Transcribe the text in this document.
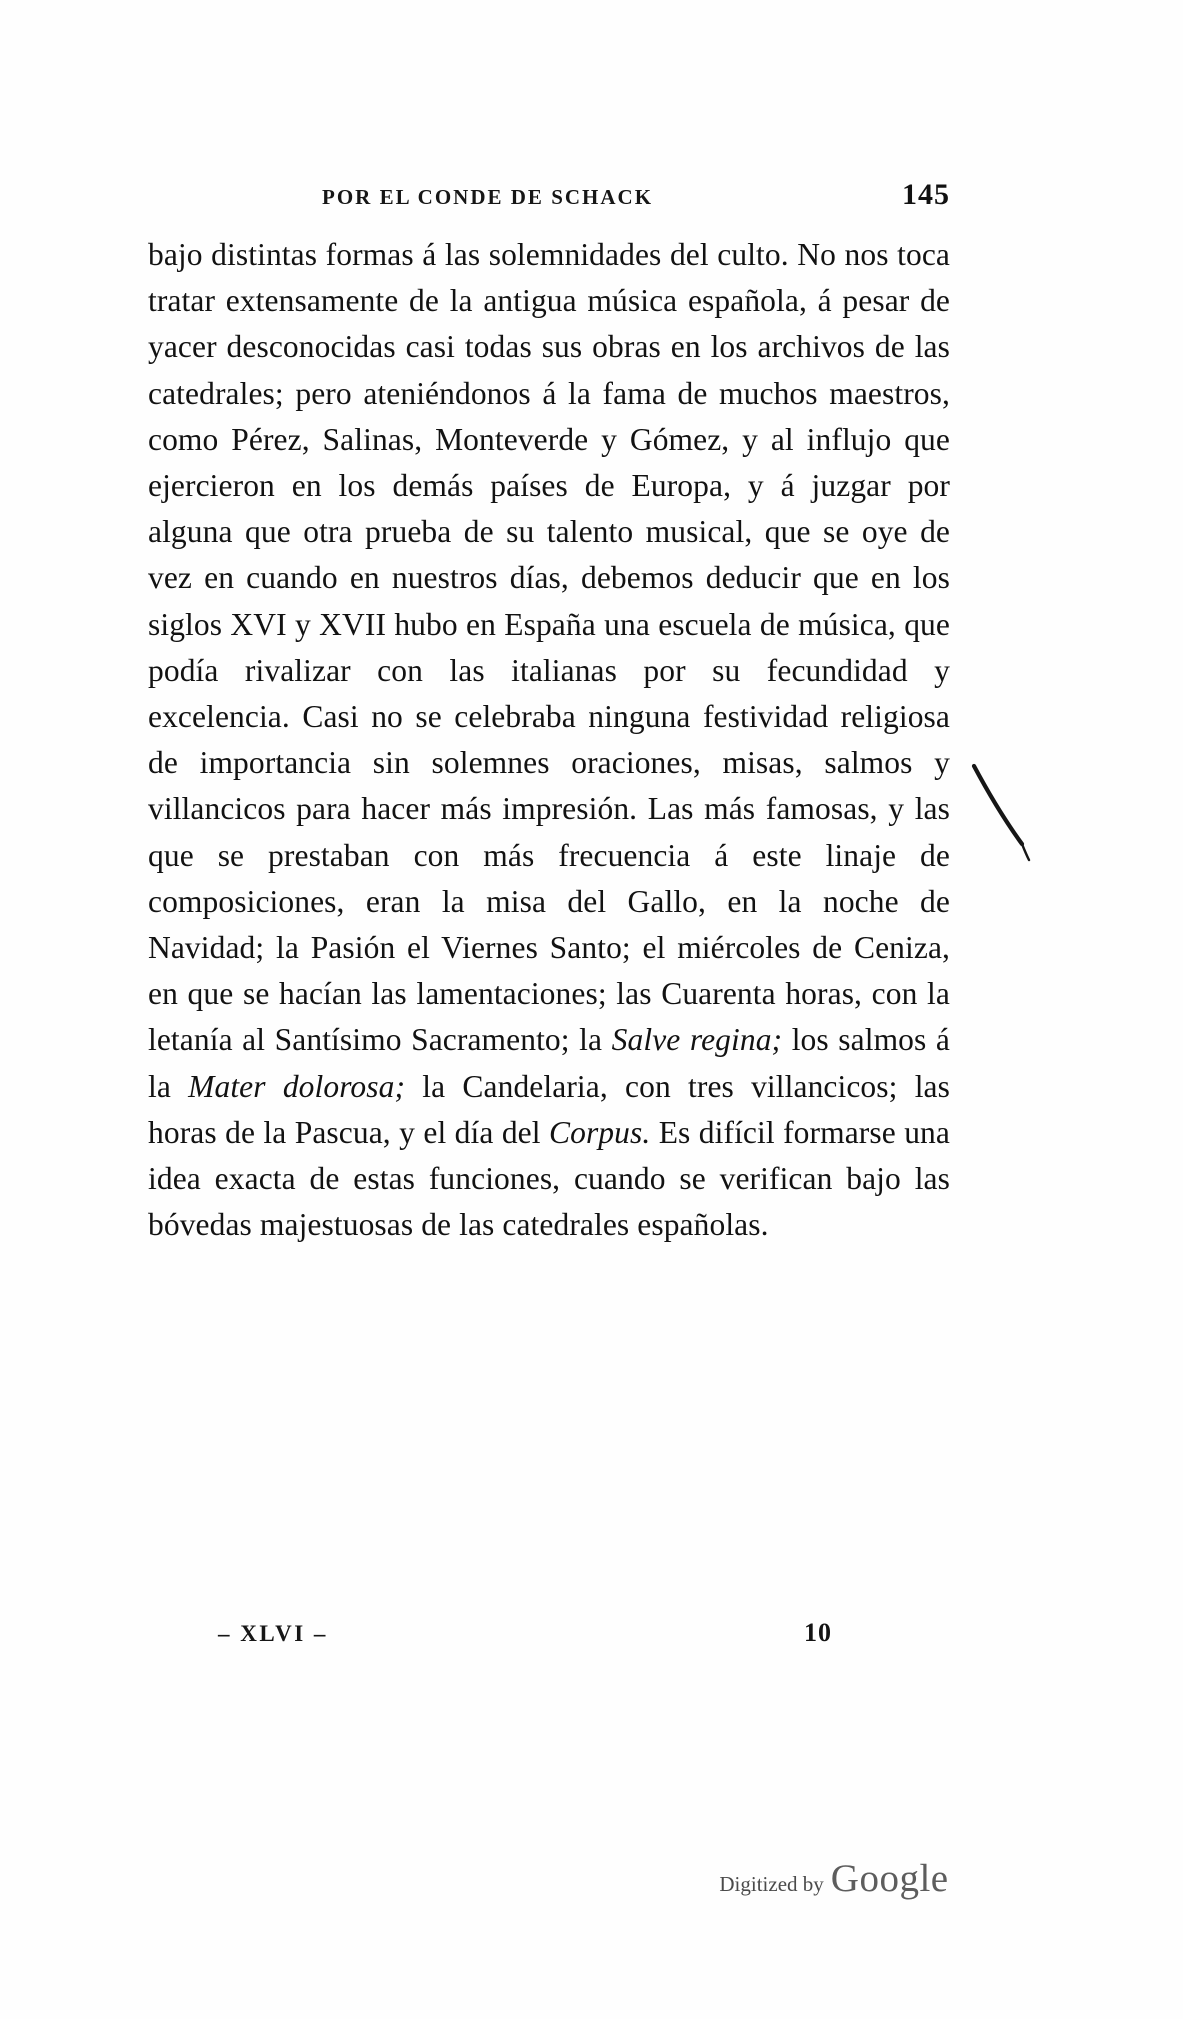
POR EL CONDE DE SCHACK	145

bajo distintas formas á las solemnidades del culto. No nos toca tratar extensamente de la antigua música española, á pesar de yacer desconocidas casi todas sus obras en los archivos de las catedrales; pero ateniéndonos á la fama de muchos maestros, como Pérez, Salinas, Monteverde y Gómez, y al influjo que ejercieron en los demás países de Europa, y á juzgar por alguna que otra prueba de su talento musical, que se oye de vez en cuando en nuestros días, debemos deducir que en los siglos XVI y XVII hubo en España una escuela de música, que podía rivalizar con las italianas por su fecundidad y excelencia. Casi no se celebraba ninguna festividad religiosa de importancia sin solemnes oraciones, misas, salmos y villancicos para hacer más impresión. Las más famosas, y las que se prestaban con más frecuencia á este linaje de composiciones, eran la misa del Gallo, en la noche de Navidad; la Pasión el Viernes Santo; el miércoles de Ceniza, en que se hacían las lamentaciones; las Cuarenta horas, con la letanía al Santísimo Sacramento; la Salve regina; los salmos á la Mater dolorosa; la Candelaria, con tres villancicos; las horas de la Pascua, y el día del Corpus. Es difícil formarse una idea exacta de estas funciones, cuando se verifican bajo las bóvedas majestuosas de las catedrales españolas.

– XLVI –	10
Digitized by Google
